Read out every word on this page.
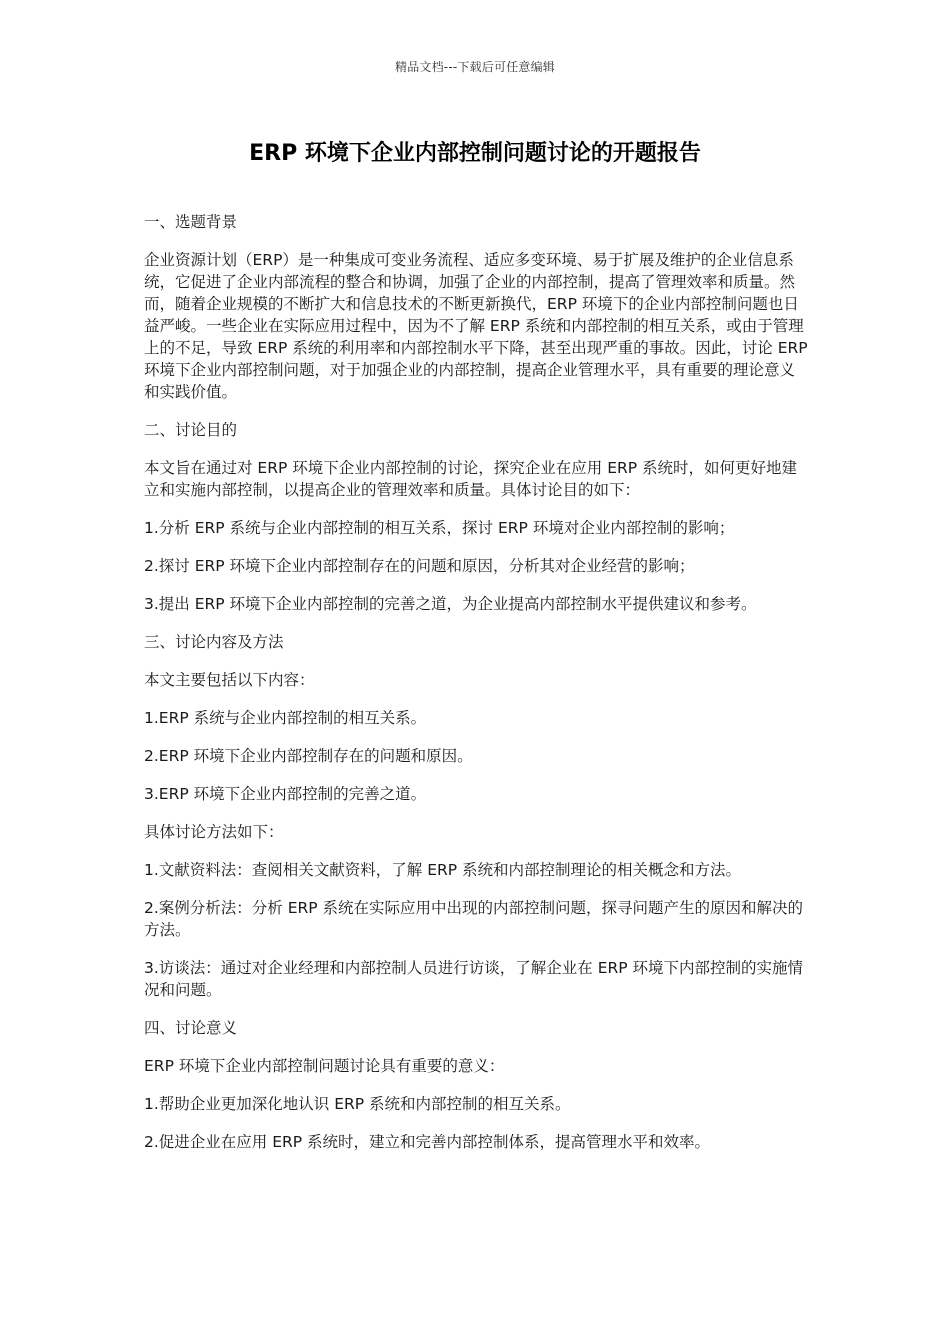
精品文档---下载后可任意编辑
ERP 环境下企业内部控制问题讨论的开题报告

一、选题背景

企业资源计划（ERP）是一种集成可变业务流程、适应多变环境、易于扩展及维护的企业信息系统，它促进了企业内部流程的整合和协调，加强了企业的内部控制，提高了管理效率和质量。然而，随着企业规模的不断扩大和信息技术的不断更新换代，ERP 环境下的企业内部控制问题也日益严峻。一些企业在实际应用过程中，因为不了解 ERP 系统和内部控制的相互关系，或由于管理上的不足，导致 ERP 系统的利用率和内部控制水平下降，甚至出现严重的事故。因此，讨论 ERP 环境下企业内部控制问题，对于加强企业的内部控制，提高企业管理水平，具有重要的理论意义和实践价值。

二、讨论目的

本文旨在通过对 ERP 环境下企业内部控制的讨论，探究企业在应用 ERP 系统时，如何更好地建立和实施内部控制，以提高企业的管理效率和质量。具体讨论目的如下：

1.分析 ERP 系统与企业内部控制的相互关系，探讨 ERP 环境对企业内部控制的影响；

2.探讨 ERP 环境下企业内部控制存在的问题和原因，分析其对企业经营的影响；

3.提出 ERP 环境下企业内部控制的完善之道，为企业提高内部控制水平提供建议和参考。

三、讨论内容及方法

本文主要包括以下内容：

1.ERP 系统与企业内部控制的相互关系。

2.ERP 环境下企业内部控制存在的问题和原因。

3.ERP 环境下企业内部控制的完善之道。

具体讨论方法如下：

1.文献资料法：查阅相关文献资料，了解 ERP 系统和内部控制理论的相关概念和方法。

2.案例分析法：分析 ERP 系统在实际应用中出现的内部控制问题，探寻问题产生的原因和解决的方法。

3.访谈法：通过对企业经理和内部控制人员进行访谈，了解企业在 ERP 环境下内部控制的实施情况和问题。

四、讨论意义

ERP 环境下企业内部控制问题讨论具有重要的意义：

1.帮助企业更加深化地认识 ERP 系统和内部控制的相互关系。

2.促进企业在应用 ERP 系统时，建立和完善内部控制体系，提高管理水平和效率。
